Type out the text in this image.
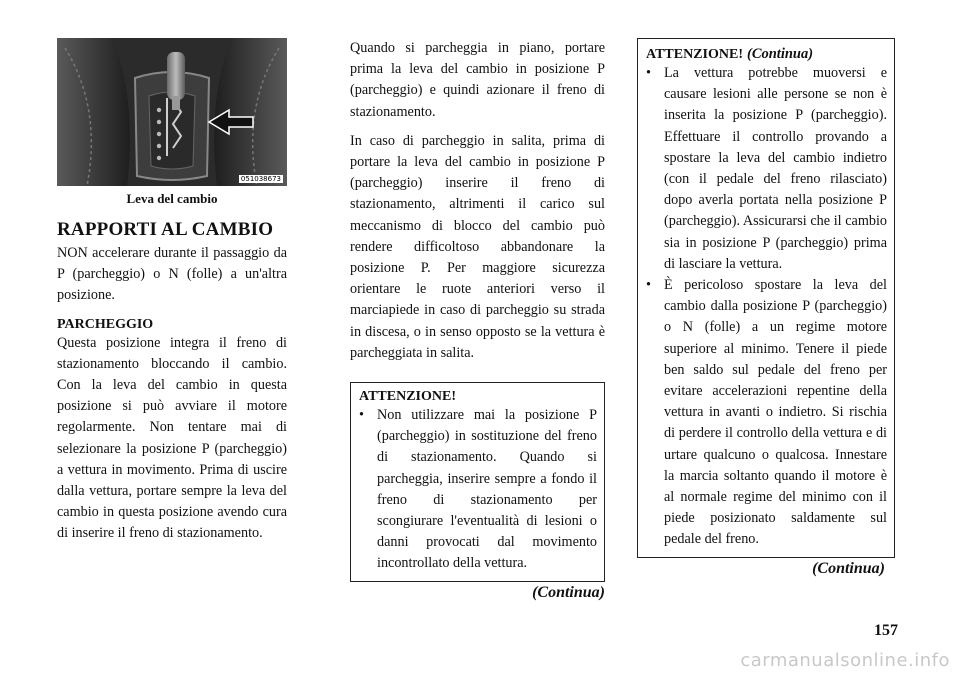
051038673
Leva del cambio
RAPPORTI AL CAMBIO

NON accelerare durante il passaggio da P (parcheggio) o N (folle) a un'altra posizione.

PARCHEGGIO

Questa posizione integra il freno di stazionamento bloccando il cambio. Con la leva del cambio in questa posizione si può avviare il motore regolarmente. Non tentare mai di selezionare la posizione P (parcheggio) a vettura in movimento. Prima di uscire dalla vettura, portare sempre la leva del cambio in questa posizione avendo cura di inserire il freno di stazionamento.

Quando si parcheggia in piano, portare prima la leva del cambio in posizione P (parcheggio) e quindi azionare il freno di stazionamento.

In caso di parcheggio in salita, prima di portare la leva del cambio in posizione P (parcheggio) inserire il freno di stazionamento, altrimenti il carico sul meccanismo di blocco del cambio può rendere difficoltoso abbandonare la posizione P. Per maggiore sicurezza orientare le ruote anteriori verso il marciapiede in caso di parcheggio su strada in discesa, o in senso opposto se la vettura è parcheggiata in salita.

ATTENZIONE!
• Non utilizzare mai la posizione P (parcheggio) in sostituzione del freno di stazionamento. Quando si parcheggia, inserire sempre a fondo il freno di stazionamento per scongiurare l'eventualità di lesioni o danni provocati dal movimento incontrollato della vettura.
(Continua)
ATTENZIONE! (Continua)
• La vettura potrebbe muoversi e causare lesioni alle persone se non è inserita la posizione P (parcheggio). Effettuare il controllo provando a spostare la leva del cambio indietro (con il pedale del freno rilasciato) dopo averla portata nella posizione P (parcheggio). Assicurarsi che il cambio sia in posizione P (parcheggio) prima di lasciare la vettura.
• È pericoloso spostare la leva del cambio dalla posizione P (parcheggio) o N (folle) a un regime motore superiore al minimo. Tenere il piede ben saldo sul pedale del freno per evitare accelerazioni repentine della vettura in avanti o indietro. Si rischia di perdere il controllo della vettura e di urtare qualcuno o qualcosa. Innestare la marcia soltanto quando il motore è al normale regime del minimo con il piede posizionato saldamente sul pedale del freno.
(Continua)
157
carmanualsonline.info
